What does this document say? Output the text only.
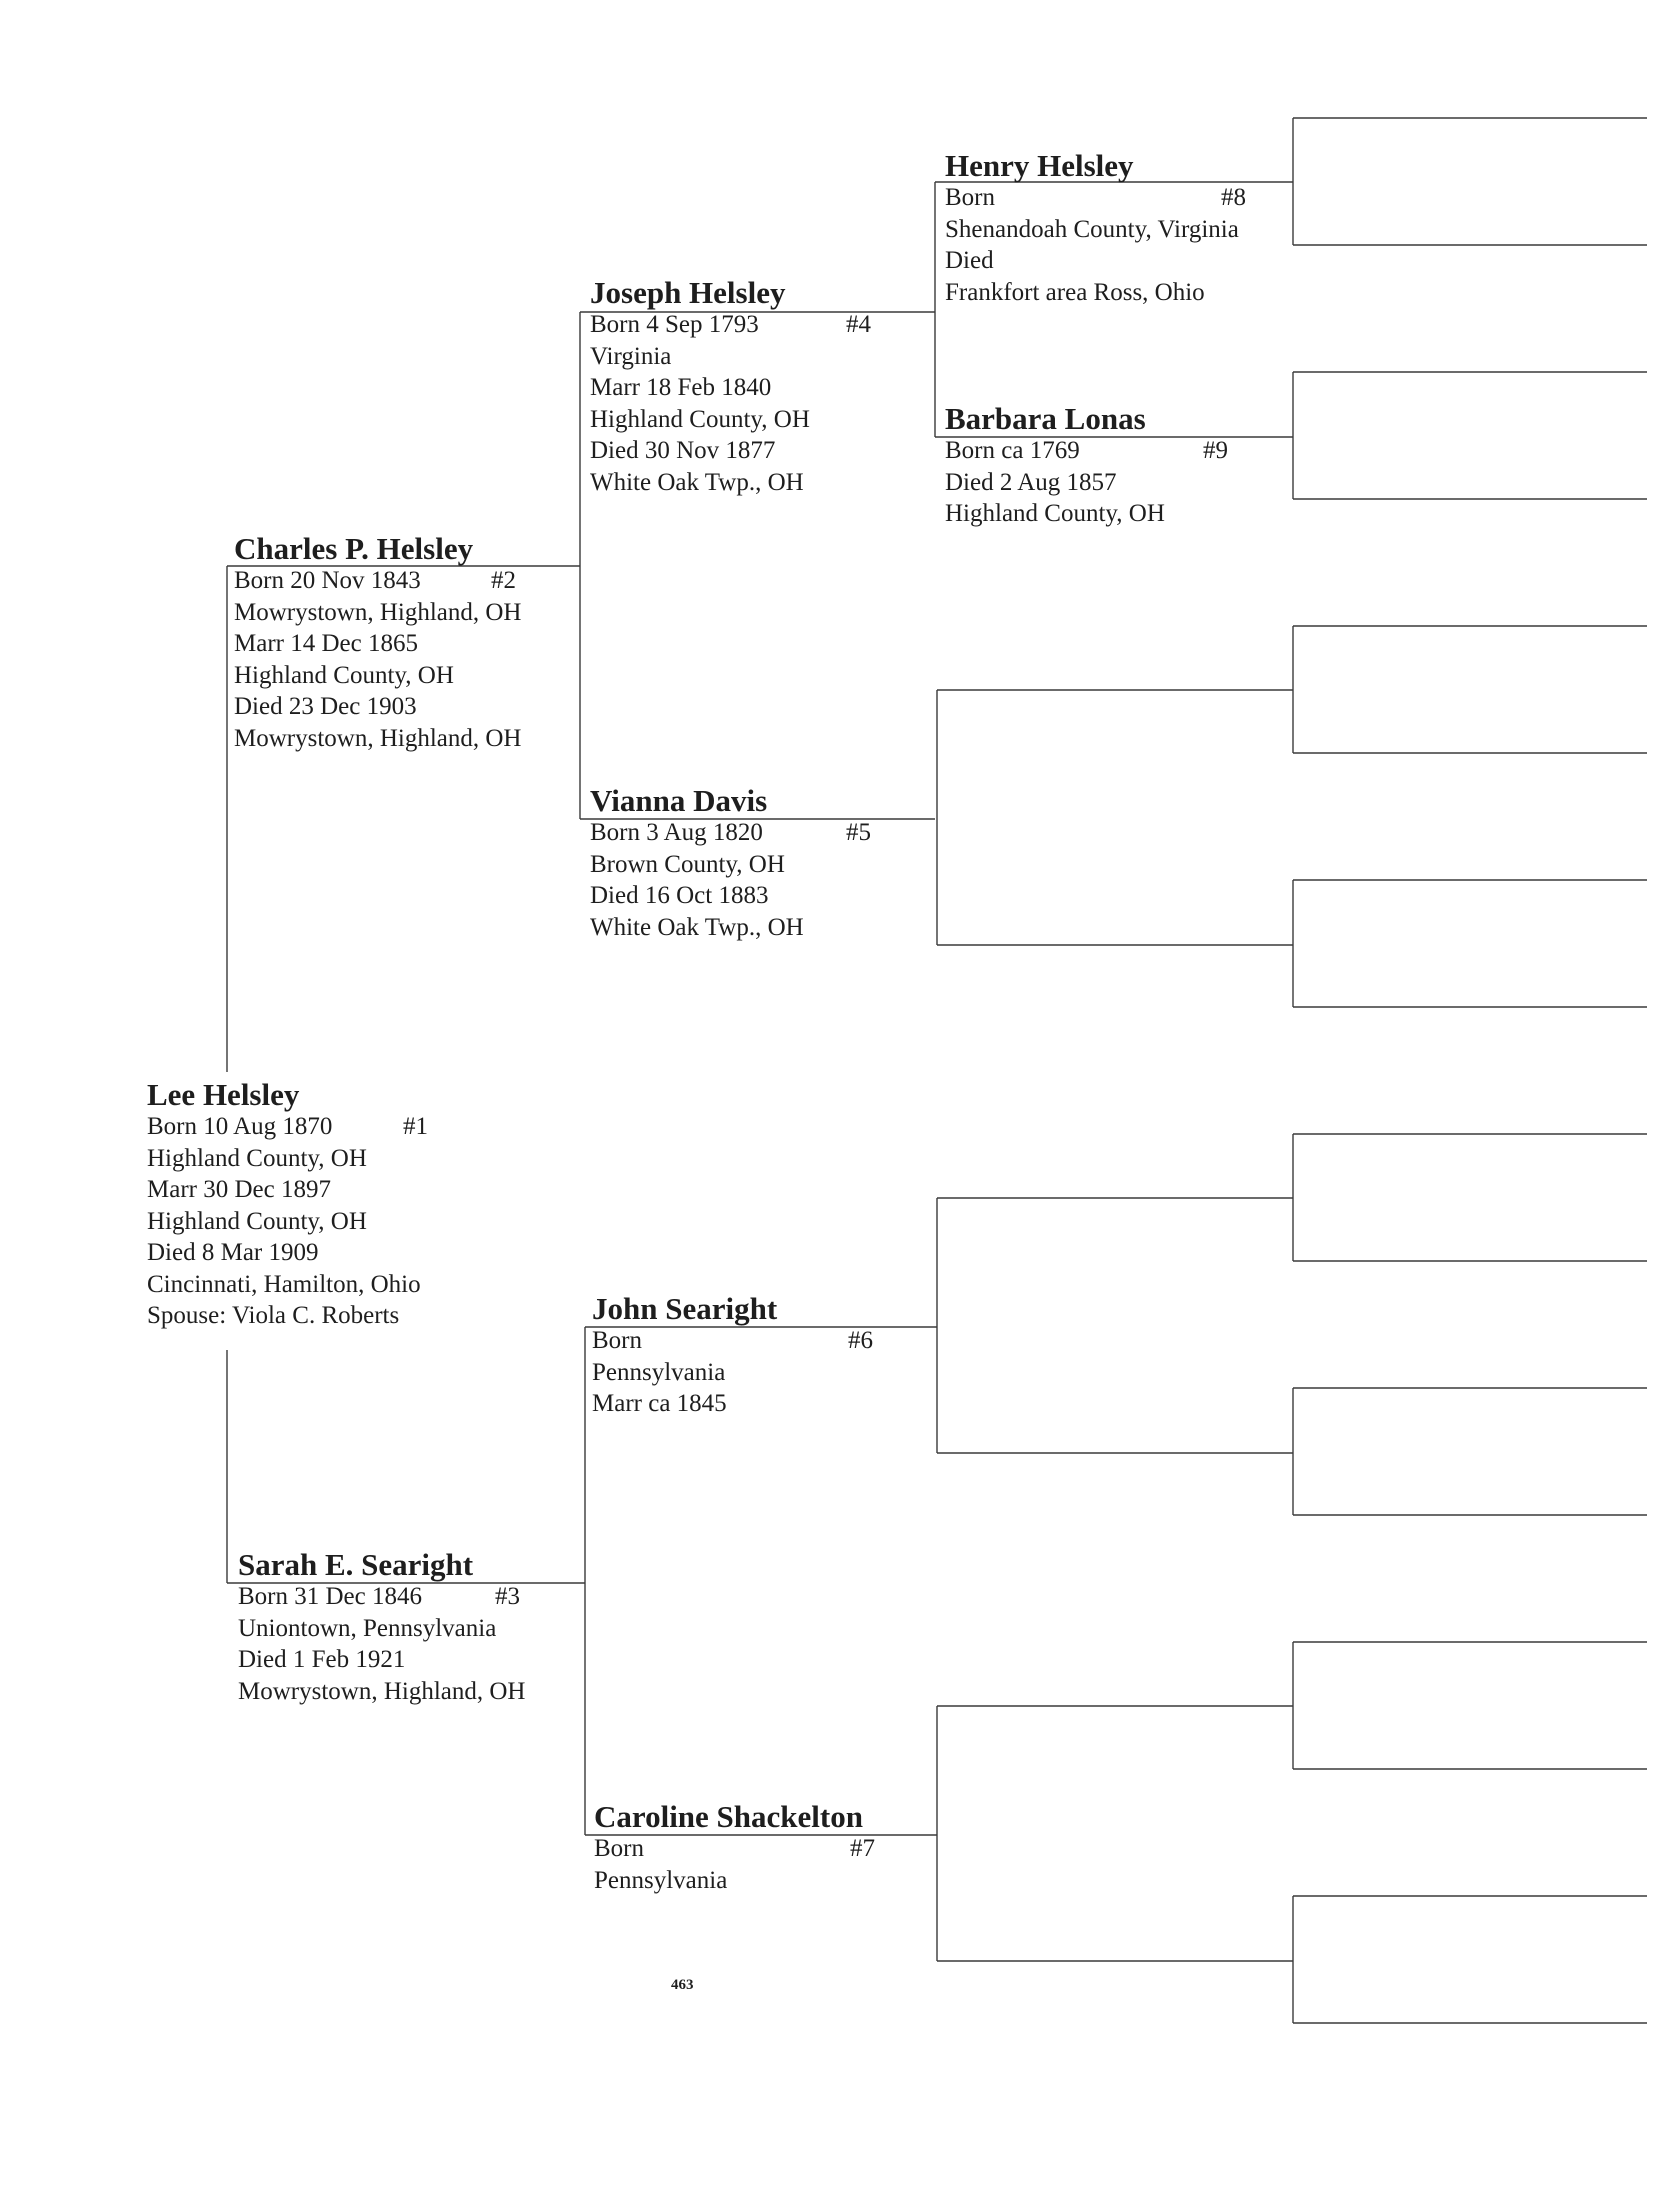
Lee Helsley
Born 10 Aug 1870	#1
Highland County, OH
Marr 30 Dec 1897
Highland County, OH
Died 8 Mar 1909
Cincinnati, Hamilton, Ohio
Spouse: Viola C. Roberts
Charles P. Helsley
Born 20 Nov 1843	#2
Mowrystown, Highland, OH
Marr 14 Dec 1865
Highland County, OH
Died 23 Dec 1903
Mowrystown, Highland, OH
Sarah E. Searight
Born 31 Dec 1846	#3
Uniontown, Pennsylvania
Died 1 Feb 1921
Mowrystown, Highland, OH
Joseph Helsley
Born 4 Sep 1793	#4
Virginia
Marr 18 Feb 1840
Highland County, OH
Died 30 Nov 1877
White Oak Twp., OH
Vianna Davis
Born 3 Aug 1820	#5
Brown County, OH
Died 16 Oct 1883
White Oak Twp., OH
John Searight
Born	#6
Pennsylvania
Marr ca 1845
Caroline Shackelton
Born	#7
Pennsylvania
Henry Helsley
Born	#8
Shenandoah County, Virginia
Died
Frankfort area Ross, Ohio
Barbara Lonas
Born ca 1769	#9
Died 2 Aug 1857
Highland County, OH
463
